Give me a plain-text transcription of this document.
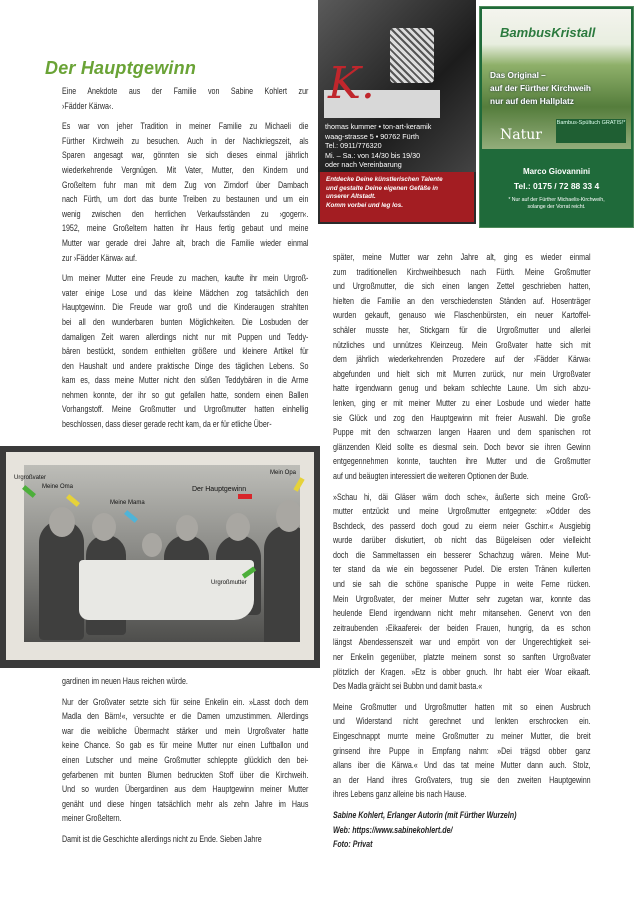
Der Hauptgewinn
Eine Anekdote aus der Familie von Sabine Kohlert zur
›Fädder Kärwa‹.
Es war von jeher Tradition in meiner Familie zu Michaeli die
Fürther Kirchweih zu besuchen. Auch in der Nachkriegszeit, als
Sparen angesagt war, gönnten sie sich dieses einmal jährlich
wiederkehrende Vergnügen. Mit Vater, Mutter, den Kindern und
Großeltern fuhr man mit dem Zug von Zirndorf über Dambach
nach Fürth, um dort das bunte Treiben zu bestaunen und um ein
wenig zwischen den herrlichen Verkaufsständen zu ›gogern‹.
1952, meine Großeltern hatten ihr Haus fertig gebaut und meine
Mutter war gerade drei Jahre alt, brach die Familie wieder einmal
zur ›Fädder Kärwa‹ auf.
Um meiner Mutter eine Freude zu machen, kaufte ihr mein Urgroß-
vater einige Lose und das kleine Mädchen zog tatsächlich den
Hauptgewinn. Die Freude war groß und die Kinderaugen strahlten
bei all den wunderbaren bunten Möglichkeiten. Die Losbuden der
damaligen Zeit waren allerdings nicht nur mit Puppen und Teddy-
bären bestückt, sondern enthielten größere und kleinere Artikel für
den Haushalt und andere praktische Dinge des täglichen Lebens. So
kam es, dass meine Mutter nicht den süßen Teddybären in die Arme
nehmen konnte, der ihr so gut gefallen hatte, sondern einen Ballen
Vorhangstoff. Meine Großmutter und Urgroßmutter hatten einhellig
beschlossen, dass dieser gerade recht kam, da er für etliche Über-
gardinen im neuen Haus reichen würde.
Nur der Großvater setzte sich für seine Enkelin ein. »Lasst doch dem
Madla den Bärn!«, versuchte er die Damen umzustimmen. Allerdings
war die weibliche Übermacht stärker und mein Urgroßvater hatte
keine Chance. So gab es für meine Mutter nur einen Luftballon und
einen Lutscher und meine Großmutter schleppte glücklich den bei-
gefarbenen mit bunten Blumen bedruckten Stoff über die Kirchweih.
Und so wurden Übergardinen aus dem Hauptgewinn meiner Mutter
genäht und diese hingen tatsächlich mehr als zehn Jahre im Haus
meiner Großeltern.
Damit ist die Geschichte allerdings nicht zu Ende. Sieben Jahre
später, meine Mutter war zehn Jahre alt, ging es wieder einmal
zum traditionellen Kirchweihbesuch nach Fürth. Meine Großmutter
und Urgroßmutter, die sich einen langen Zettel geschrieben hatten,
hielten die Familie an den verschiedensten Ständen auf. Hosenträger
wurden gekauft, genauso wie Flaschenbürsten, ein neuer Kartoffel-
schäler musste her, Stickgarn für die Urgroßmutter und allerlei
nützliches und unnützes Kleinzeug. Mein Großvater hatte sich mit
dem jährlich wiederkehrenden Prozedere auf der ›Fädder Kärwa‹
abgefunden und hielt sich mit Murren zurück, nur mein Urgroßvater
hatte irgendwann genug und bekam schlechte Laune. Um sich abzu-
lenken, ging er mit meiner Mutter zu einer Losbude und wieder hatte
sie Glück und zog den Hauptgewinn mit freier Auswahl. Die große
Puppe mit den schwarzen langen Haaren und dem spanischen rot
glänzenden Kleid sollte es diesmal sein. Doch bevor sie ihren Gewinn
entgegennehmen konnte, tauchten ihre Mutter und die Großmutter
auf und beäugten interessiert die weiteren Optionen der Bude.
»Schau hi, däi Gläser wärn doch sche«, äußerte sich meine Groß-
mutter entzückt und meine Urgroßmutter entgegnete: »Odder des
Bschdeck, des passerd doch goud zu eierm neier Gschirr.« Ausgiebig
wurde darüber diskutiert, ob nicht das Bügeleisen oder vielleicht
doch die Sammeltassen ein besserer Schachzug wären. Meine Mut-
ter stand da wie ein begossener Pudel. Die ersten Tränen kullerten
und sie sah die schöne spanische Puppe in weite Ferne rücken.
Mein Urgroßvater, der meiner Mutter sehr zugetan war, konnte das
heulende Elend irgendwann nicht mehr mitansehen. Genervt von den
zeitraubenden ›Eikaaferei‹ der beiden Frauen, hungrig, da es schon
längst Abendessenszeit war und empört von der Ungerechtigkeit sei-
ner Enkelin gegenüber, platzte meinem sonst so sanften Urgroßvater
plötzlich der Kragen. »Etz is obber gnuch. Ihr habt eier Woar eikaaft.
Des Madla gräicht sei Bubbn und damit basta.«
Meine Großmutter und Urgroßmutter hatten mit so einen Ausbruch
und Widerstand nicht gerechnet und lenkten erschrocken ein.
Eingeschnappt murrte meine Großmutter zu meiner Mutter, die breit
grinsend ihre Puppe in Empfang nahm: »Dei trägsd obber ganz
allans iber die Kärwa.« Und das tat meine Mutter dann auch. Stolz,
an der Hand ihres Großvaters, trug sie den zweiten Hauptgewinn
ihres Lebens ganz alleine bis nach Hause.
Sabine Kohlert, Erlanger Autorin (mit Fürther Wurzeln)
Web: https://www.sabinekohlert.de/
Foto: Privat
Urgroßvater
Meine Oma
Meine Mama
Der Hauptgewinn
Mein Opa
Urgroßmutter
K.
thomas kummer • ton-art-keramik
waag-strasse 5 • 90762 Fürth
Tel.: 0911/776320
Mi. – Sa.: von 14/30 bis 19/30
oder nach Vereinbarung
Entdecke Deine künstlerischen Talente
und gestalte Deine eigenen Gefäße in
unserer Altstadt.
Komm vorbei und leg los.
BambusKristall
Das Original –
auf der Fürther Kirchweih
nur auf dem Hallplatz
Natur
Bambus-Spültuch GRATIS!*
Marco Giovannini
Tel.: 0175 / 72 88 33 4
* Nur auf der Fürther Michaelis-Kirchweih,
solange der Vorrat reicht.
